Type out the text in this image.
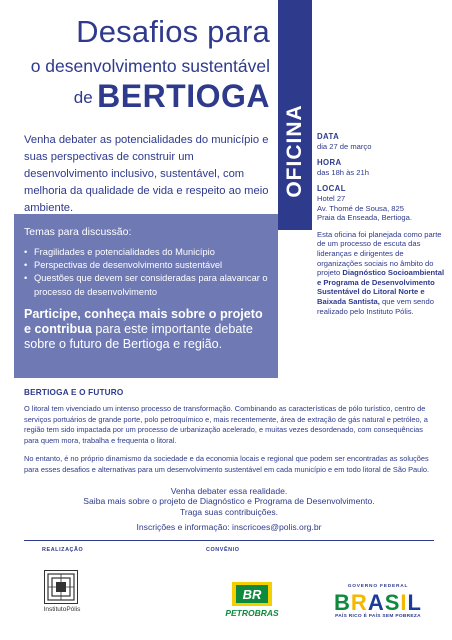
Desafios para
o desenvolvimento sustentável
de BERTIOGA
OFICINA
Venha debater as potencialidades do município e suas perspectivas de construir um desenvolvimento inclusivo, sustentável, com melhoria da qualidade de vida e respeito ao meio ambiente.
DATA
dia 27 de março
HORA
das 18h às 21h
LOCAL
Hotel 27
Av. Thomé de Sousa, 825
Praia da Enseada, Bertioga.
Esta oficina foi planejada como parte de um processo de escuta das lideranças e dirigentes de organizações sociais no âmbito do projeto Diagnóstico Socioambiental e Programa de Desenvolvimento Sustentável do Litoral Norte e Baixada Santista, que vem sendo realizado pelo Instituto Pólis.
Temas para discussão:
• Fragilidades e potencialidades do Município
• Perspectivas de desenvolvimento sustentável
• Questões que devem ser consideradas para alavancar o processo de desenvolvimento
Participe, conheça mais sobre o projeto e contribua para este importante debate sobre o futuro de Bertioga e região.
BERTIOGA E O FUTURO
O litoral tem vivenciado um intenso processo de transformação. Combinando as características de pólo turístico, centro de serviços portuários de grande porte, polo petroquímico e, mais recentemente, área de extração de gás natural e petróleo, a região tem sido impactada por um processo de urbanização acelerado, e muitas vezes desordenado, com consequências para quem mora, trabalha e frequenta o litoral.
No entanto, é no próprio dinamismo da sociedade e da economia locais e regional que podem ser encontradas as soluções para esses desafios e alternativas para um desenvolvimento sustentável em cada município e em todo litoral de São Paulo.
Venha debater essa realidade.
Saiba mais sobre o projeto de Diagnóstico e Programa de Desenvolvimento.
Traga suas contribuições.
Inscrições e informação: inscricoes@polis.org.br
REALIZAÇÃO	CONVÊNIO
InstitutoPólis
BR
PETROBRAS
GOVERNO FEDERAL
BRASIL
PAÍS RICO É PAÍS SEM POBREZA
